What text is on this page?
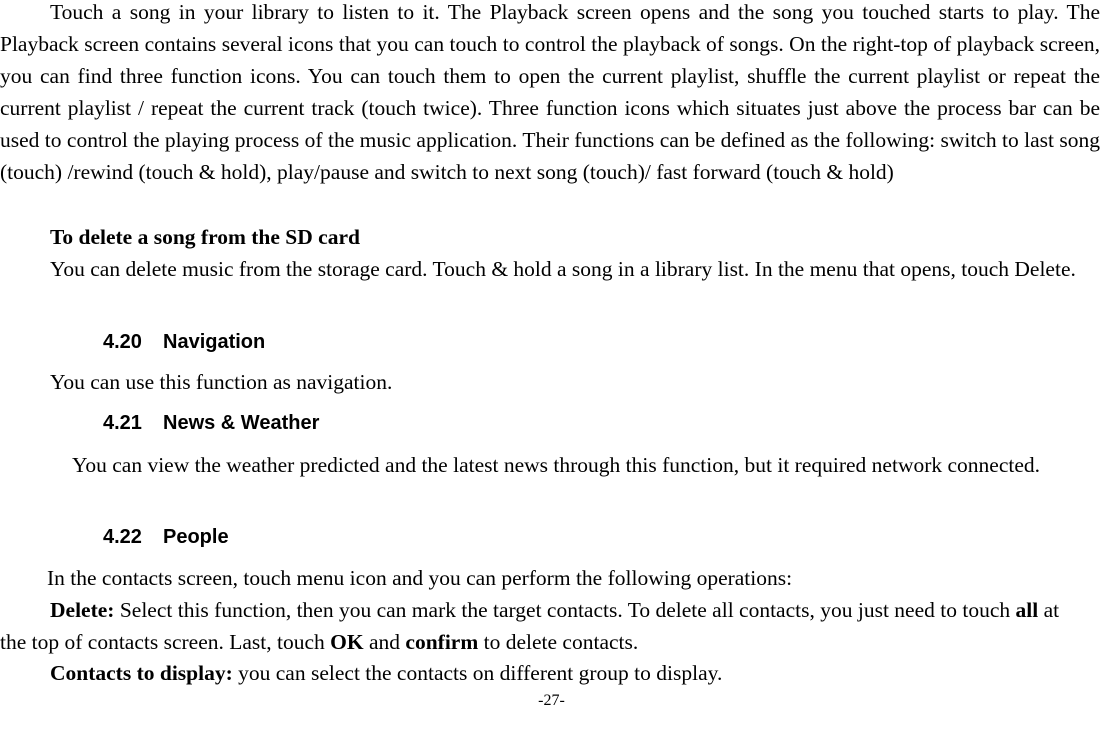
Touch a song in your library to listen to it. The Playback screen opens and the song you touched starts to play. The Playback screen contains several icons that you can touch to control the playback of songs. On the right-top of playback screen, you can find three function icons. You can touch them to open the current playlist, shuffle the current playlist or repeat the current playlist / repeat the current track (touch twice). Three function icons which situates just above the process bar can be used to control the playing process of the music application. Their functions can be defined as the following: switch to last song (touch) /rewind (touch & hold), play/pause and switch to next song (touch)/ fast forward (touch & hold)
To delete a song from the SD card
You can delete music from the storage card. Touch & hold a song in a library list. In the menu that opens, touch Delete.
4.20 Navigation
You can use this function as navigation.
4.21 News & Weather
You can view the weather predicted and the latest news through this function, but it required network connected.
4.22 People
In the contacts screen, touch menu icon and you can perform the following operations:
Delete: Select this function, then you can mark the target contacts. To delete all contacts, you just need to touch all at the top of contacts screen. Last, touch OK and confirm to delete contacts.
Contacts to display: you can select the contacts on different group to display.
-27-
